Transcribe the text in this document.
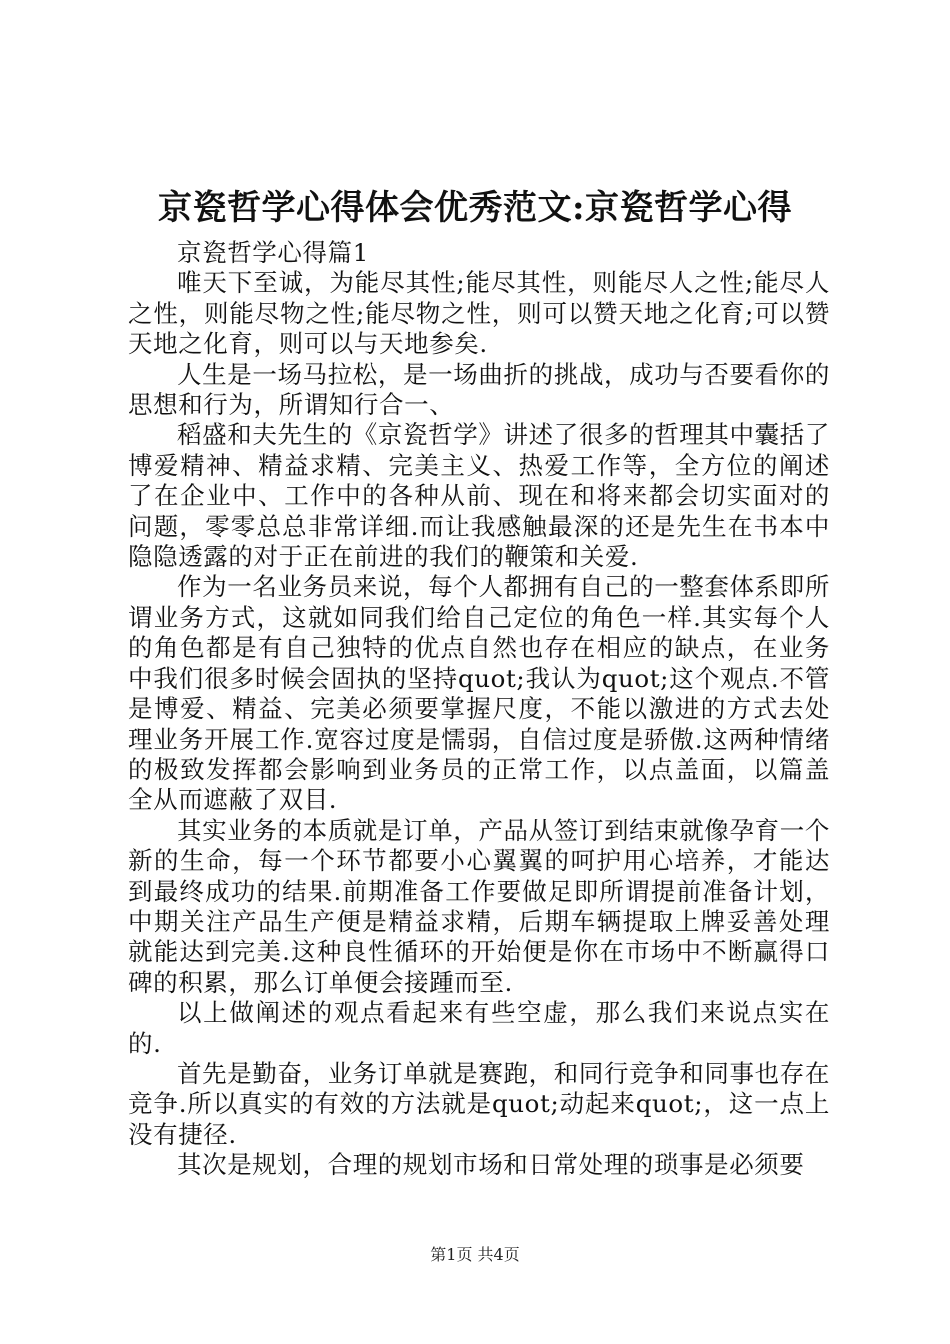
京瓷哲学心得体会优秀范文:京瓷哲学心得

京瓷哲学心得篇1

唯天下至诚，为能尽其性;能尽其性，则能尽人之性;能尽人之性，则能尽物之性;能尽物之性，则可以赞天地之化育;可以赞天地之化育，则可以与天地参矣.

人生是一场马拉松，是一场曲折的挑战，成功与否要看你的思想和行为，所谓知行合一、

稻盛和夫先生的《京瓷哲学》讲述了很多的哲理其中囊括了博爱精神、精益求精、完美主义、热爱工作等，全方位的阐述了在企业中、工作中的各种从前、现在和将来都会切实面对的问题，零零总总非常详细.而让我感触最深的还是先生在书本中隐隐透露的对于正在前进的我们的鞭策和关爱.

作为一名业务员来说，每个人都拥有自己的一整套体系即所谓业务方式，这就如同我们给自己定位的角色一样.其实每个人的角色都是有自己独特的优点自然也存在相应的缺点，在业务中我们很多时候会固执的坚持quot;我认为quot;这个观点.不管是博爱、精益、完美必须要掌握尺度，不能以激进的方式去处理业务开展工作.宽容过度是懦弱，自信过度是骄傲.这两种情绪的极致发挥都会影响到业务员的正常工作，以点盖面，以篇盖全从而遮蔽了双目.

其实业务的本质就是订单，产品从签订到结束就像孕育一个新的生命，每一个环节都要小心翼翼的呵护用心培养，才能达到最终成功的结果.前期准备工作要做足即所谓提前准备计划，中期关注产品生产便是精益求精，后期车辆提取上牌妥善处理就能达到完美.这种良性循环的开始便是你在市场中不断赢得口碑的积累，那么订单便会接踵而至.

以上做阐述的观点看起来有些空虚，那么我们来说点实在的.

首先是勤奋，业务订单就是赛跑，和同行竞争和同事也存在竞争.所以真实的有效的方法就是quot;动起来quot;，这一点上没有捷径.

其次是规划，合理的规划市场和日常处理的琐事是必须要

第1页 共4页
